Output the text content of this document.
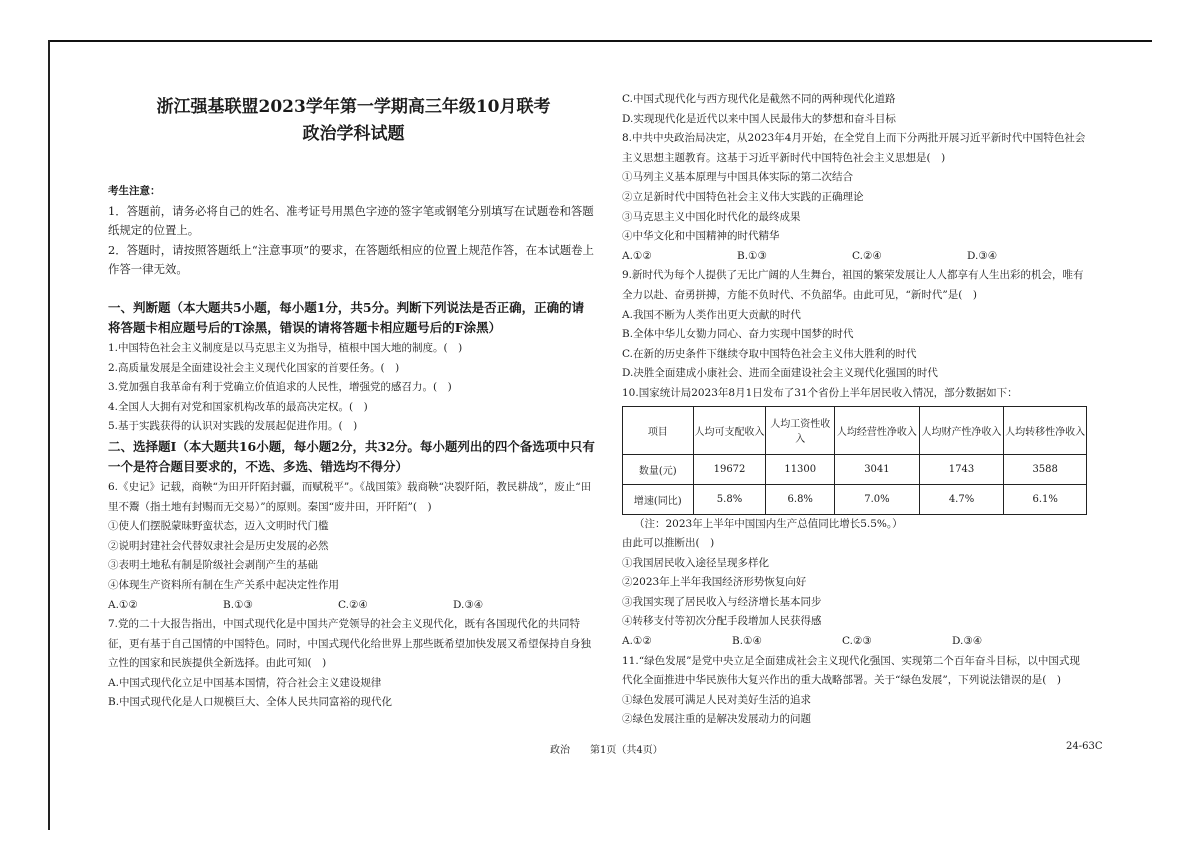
浙江强基联盟2023学年第一学期高三年级10月联考
政治学科试题
考生注意：
1．答题前，请务必将自己的姓名、准考证号用黑色字迹的签字笔或钢笔分别填写在试题卷和答题纸规定的位置上。
2．答题时，请按照答题纸上“注意事项”的要求，在答题纸相应的位置上规范作答，在本试题卷上作答一律无效。
一、判断题（本大题共5小题，每小题1分，共5分。判断下列说法是否正确，正确的请将答题卡相应题号后的T涂黑，错误的请将答题卡相应题号后的F涂黑）
1.中国特色社会主义制度是以马克思主义为指导，植根中国大地的制度。(　)
2.高质量发展是全面建设社会主义现代化国家的首要任务。(　)
3.党加强自我革命有利于党确立价值追求的人民性，增强党的感召力。(　)
4.全国人大拥有对党和国家机构改革的最高决定权。(　)
5.基于实践获得的认识对实践的发展起促进作用。(　)
二、选择题Ⅰ（本大题共16小题，每小题2分，共32分。每小题列出的四个备选项中只有一个是符合题目要求的，不选、多选、错选均不得分）
6.《史记》记载，商鞅“为田开阡陌封疆，而赋税平”。《战国策》载商鞅“决裂阡陌，教民耕战”，废止“田里不鬻（指土地有封赐而无交易）”的原则。秦国“废井田，开阡陌”(　)
①使人们摆脱蒙昧野蛮状态，迈入文明时代门槛
②说明封建社会代替奴隶社会是历史发展的必然
③表明土地私有制是阶级社会剥削产生的基础
④体现生产资料所有制在生产关系中起决定性作用
A.①②	B.①③	C.②④	D.③④
7.党的二十大报告指出，中国式现代化是中国共产党领导的社会主义现代化，既有各国现代化的共同特征，更有基于自己国情的中国特色。同时，中国式现代化给世界上那些既希望加快发展又希望保持自身独立性的国家和民族提供全新选择。由此可知(　)
A.中国式现代化立足中国基本国情，符合社会主义建设规律
B.中国式现代化是人口规模巨大、全体人民共同富裕的现代化
C.中国式现代化与西方现代化是截然不同的两种现代化道路
D.实现现代化是近代以来中国人民最伟大的梦想和奋斗目标
8.中共中央政治局决定，从2023年4月开始，在全党自上而下分两批开展习近平新时代中国特色社会主义思想主题教育。这基于习近平新时代中国特色社会主义思想是(　)
①马列主义基本原理与中国具体实际的第二次结合
②立足新时代中国特色社会主义伟大实践的正确理论
③马克思主义中国化时代化的最终成果
④中华文化和中国精神的时代精华
A.①②	B.①③	C.②④	D.③④
9.新时代为每个人提供了无比广阔的人生舞台，祖国的繁荣发展让人人都享有人生出彩的机会，唯有全力以赴、奋勇拼搏，方能不负时代、不负韶华。由此可见，“新时代”是(　)
A.我国不断为人类作出更大贡献的时代
B.全体中华儿女勠力同心、奋力实现中国梦的时代
C.在新的历史条件下继续夺取中国特色社会主义伟大胜利的时代
D.决胜全面建成小康社会、进而全面建设社会主义现代化强国的时代
10.国家统计局2023年8月1日发布了31个省份上半年居民收入情况，部分数据如下：
项目	人均可支配收入	人均工资性收入	人均经营性净收入	人均财产性净收入	人均转移性净收入
数量(元)	19672	11300	3041	1743	3588
增速(同比)	5.8%	6.8%	7.0%	4.7%	6.1%
（注：2023年上半年中国国内生产总值同比增长5.5%。）
由此可以推断出(　)
①我国居民收入途径呈现多样化
②2023年上半年我国经济形势恢复向好
③我国实现了居民收入与经济增长基本同步
④转移支付等初次分配手段增加人民获得感
A.①②	B.①④	C.②③	D.③④
11.“绿色发展”是党中央立足全面建成社会主义现代化强国、实现第二个百年奋斗目标，以中国式现代化全面推进中华民族伟大复兴作出的重大战略部署。关于“绿色发展”，下列说法错误的是(　)
①绿色发展可满足人民对美好生活的追求
②绿色发展注重的是解决发展动力的问题
政治　　第1页（共4页）	24-63C
